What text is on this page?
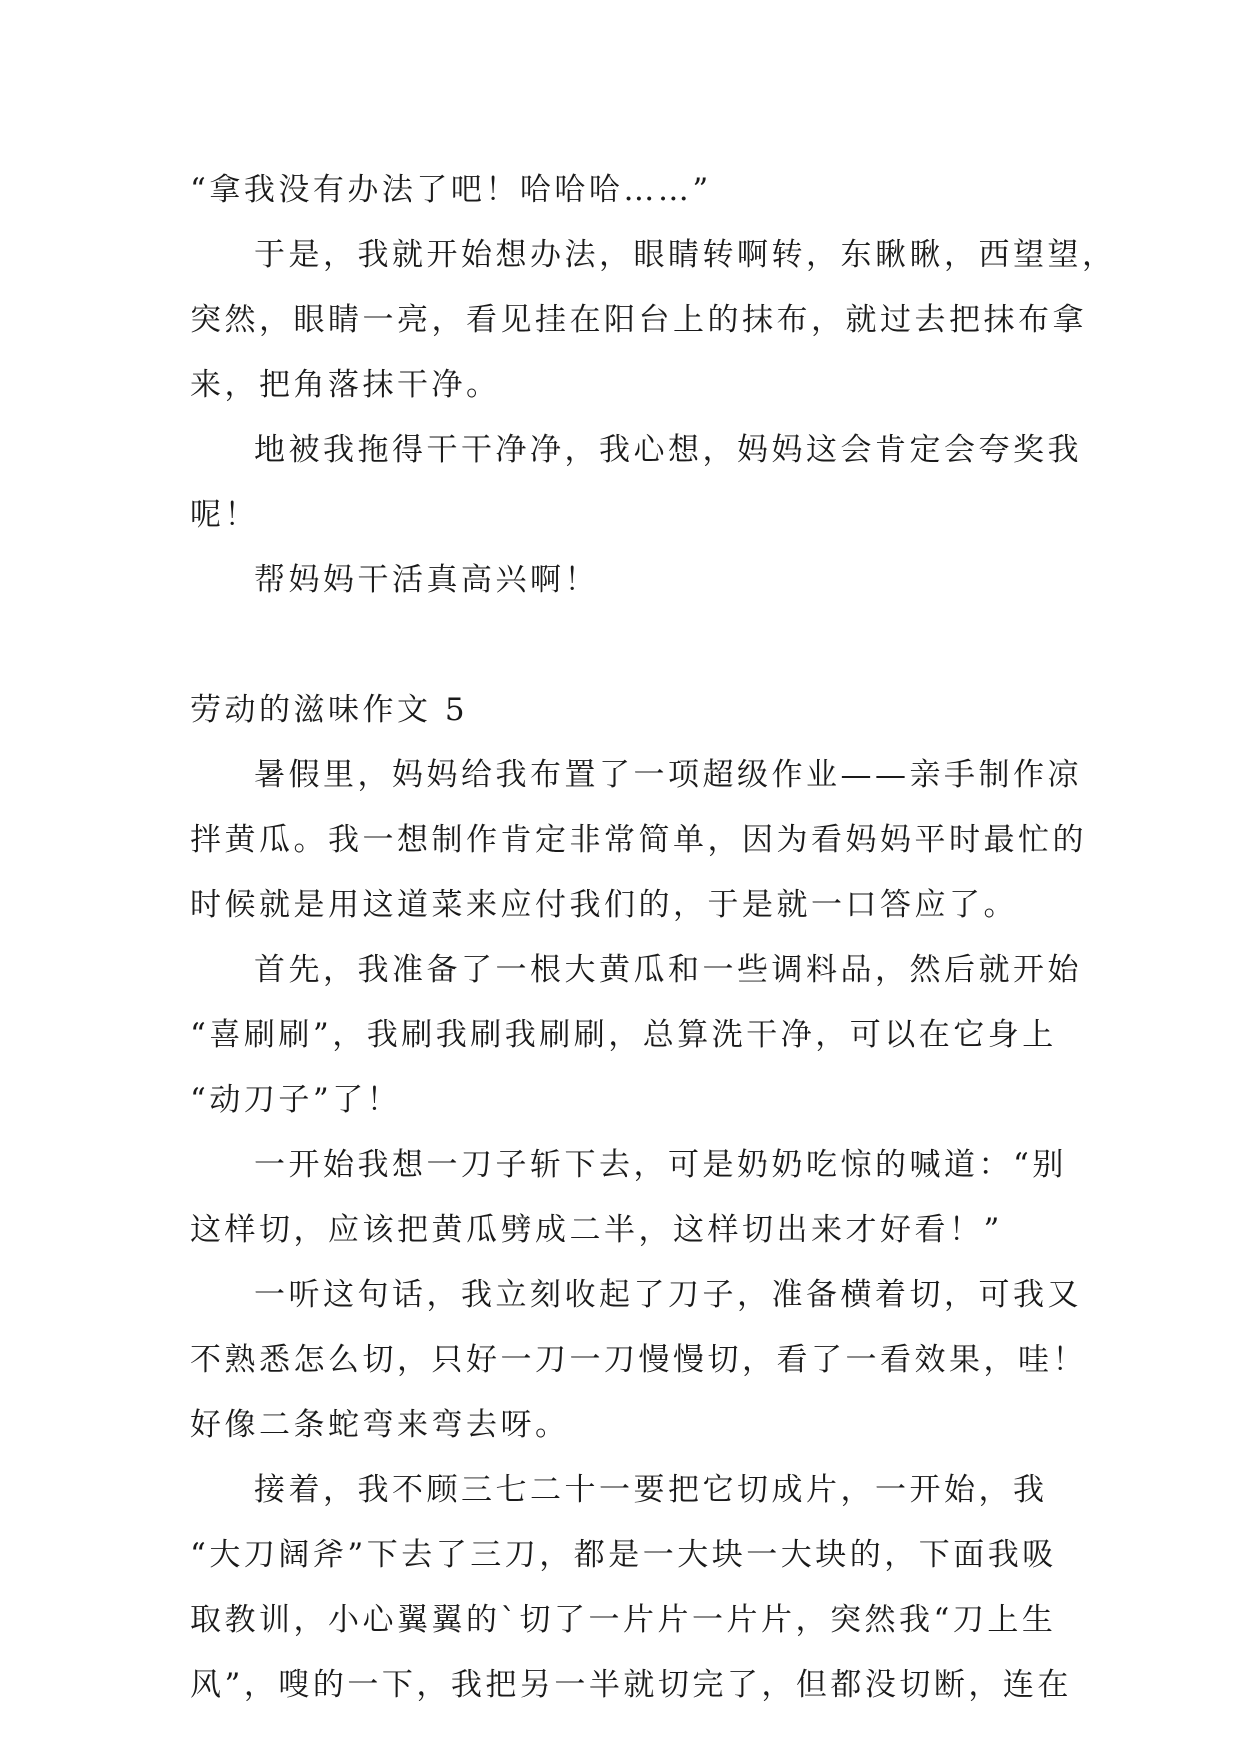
“拿我没有办法了吧！哈哈哈……”
于是，我就开始想办法，眼睛转啊转，东瞅瞅，西望望，
突然，眼睛一亮，看见挂在阳台上的抹布，就过去把抹布拿
来，把角落抹干净。
地被我拖得干干净净，我心想，妈妈这会肯定会夸奖我
呢！
帮妈妈干活真高兴啊！
劳动的滋味作文 5
暑假里，妈妈给我布置了一项超级作业——亲手制作凉
拌黄瓜。我一想制作肯定非常简单，因为看妈妈平时最忙的
时候就是用这道菜来应付我们的，于是就一口答应了。
首先，我准备了一根大黄瓜和一些调料品，然后就开始
“喜刷刷”，我刷我刷我刷刷，总算洗干净，可以在它身上
“动刀子”了！
一开始我想一刀子斩下去，可是奶奶吃惊的喊道：“别
这样切，应该把黄瓜劈成二半，这样切出来才好看！”
一听这句话，我立刻收起了刀子，准备横着切，可我又
不熟悉怎么切，只好一刀一刀慢慢切，看了一看效果，哇！
好像二条蛇弯来弯去呀。
接着，我不顾三七二十一要把它切成片，一开始，我
“大刀阔斧”下去了三刀，都是一大块一大块的，下面我吸
取教训，小心翼翼的`切了一片片一片片，突然我“刀上生
风”，嗖的一下，我把另一半就切完了，但都没切断，连在
